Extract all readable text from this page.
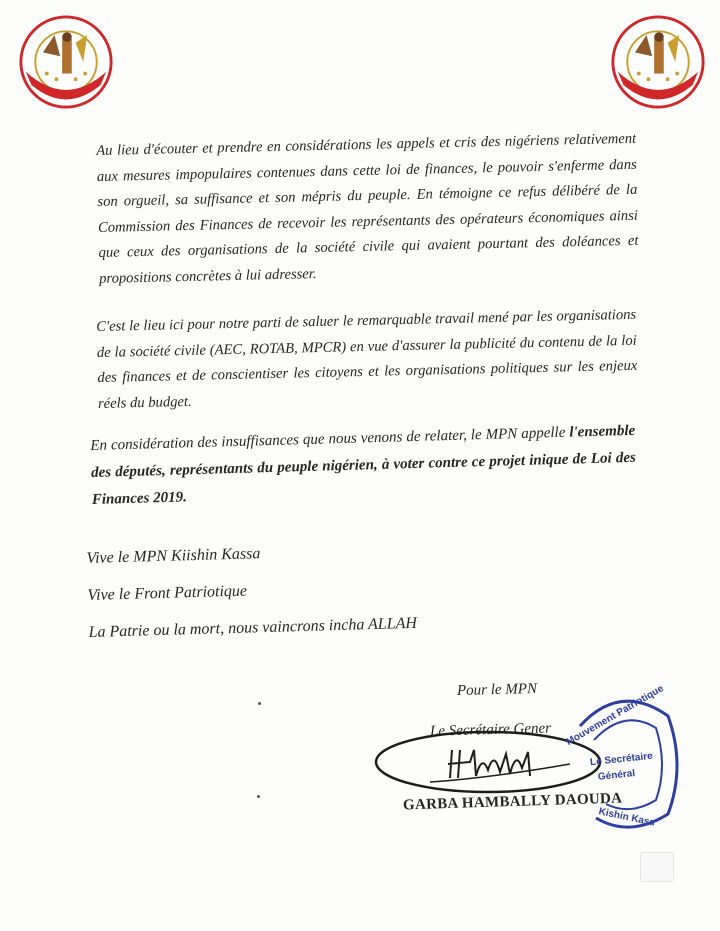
Au lieu d'écouter et prendre en considérations les appels et cris des nigériens relativement aux mesures impopulaires contenues dans cette loi de finances, le pouvoir s'enferme dans son orgueil, sa suffisance et son mépris du peuple. En témoigne ce refus délibéré de la Commission des Finances de recevoir les représentants des opérateurs économiques ainsi que ceux des organisations de la société civile qui avaient pourtant des doléances et propositions concrètes à lui adresser.

C'est le lieu ici pour notre parti de saluer le remarquable travail mené par les organisations de la société civile (AEC, ROTAB, MPCR) en vue d'assurer la publicité du contenu de la loi des finances et de conscientiser les citoyens et les organisations politiques sur les enjeux réels du budget.

En considération des insuffisances que nous venons de relater, le MPN appelle l'ensemble des députés, représentants du peuple nigérien, à voter contre ce projet inique de Loi des Finances 2019.

Vive le MPN Kiishin Kassa
Vive le Front Patriotique
La Patrie ou la mort, nous vaincrons incha ALLAH
Pour le MPN
Le Secrétaire Gener Mouvement Patriotique
Le Secrétaire
Général
Kishin Kass
GARBA HAMBALLY DAOUDA
